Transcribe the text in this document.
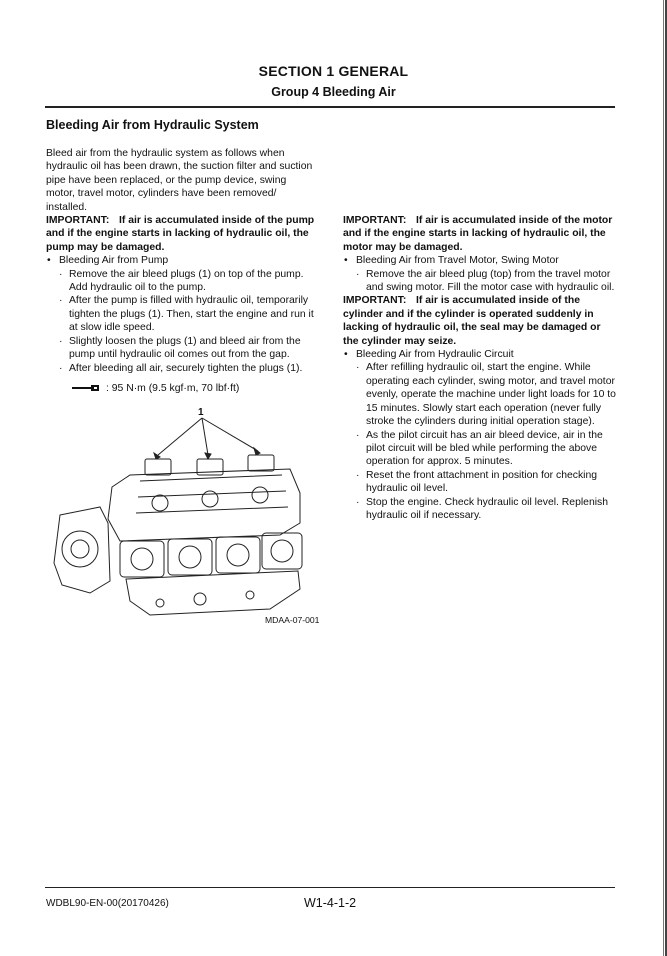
SECTION 1 GENERAL
Group 4 Bleeding Air
Bleeding Air from Hydraulic System

Bleed air from the hydraulic system as follows when hydraulic oil has been drawn, the suction filter and suction pipe have been replaced, or the pump device, swing motor, travel motor, cylinders have been removed/ installed.

IMPORTANT: If air is accumulated inside of the pump and if the engine starts in lacking of hydraulic oil, the pump may be damaged.
• Bleeding Air from Pump
· Remove the air bleed plugs (1) on top of the pump. Add hydraulic oil to the pump.
· After the pump is filled with hydraulic oil, temporarily tighten the plugs (1). Then, start the engine and run it at slow idle speed.
· Slightly loosen the plugs (1) and bleed air from the pump until hydraulic oil comes out from the gap.
· After bleeding all air, securely tighten the plugs (1).
: 95 N·m (9.5 kgf·m, 70 lbf·ft)
1
MDAA-07-001
IMPORTANT: If air is accumulated inside of the motor and if the engine starts in lacking of hydraulic oil, the motor may be damaged.
• Bleeding Air from Travel Motor, Swing Motor
· Remove the air bleed plug (top) from the travel motor and swing motor. Fill the motor case with hydraulic oil.
IMPORTANT: If air is accumulated inside of the cylinder and if the cylinder is operated suddenly in lacking of hydraulic oil, the seal may be damaged or the cylinder may seize.
• Bleeding Air from Hydraulic Circuit
· After refilling hydraulic oil, start the engine. While operating each cylinder, swing motor, and travel motor evenly, operate the machine under light loads for 10 to 15 minutes. Slowly start each operation (never fully stroke the cylinders during initial operation stage).
· As the pilot circuit has an air bleed device, air in the pilot circuit will be bled while performing the above operation for approx. 5 minutes.
· Reset the front attachment in position for checking hydraulic oil level.
· Stop the engine. Check hydraulic oil level. Replenish hydraulic oil if necessary.
WDBL90-EN-00(20170426)	W1-4-1-2
